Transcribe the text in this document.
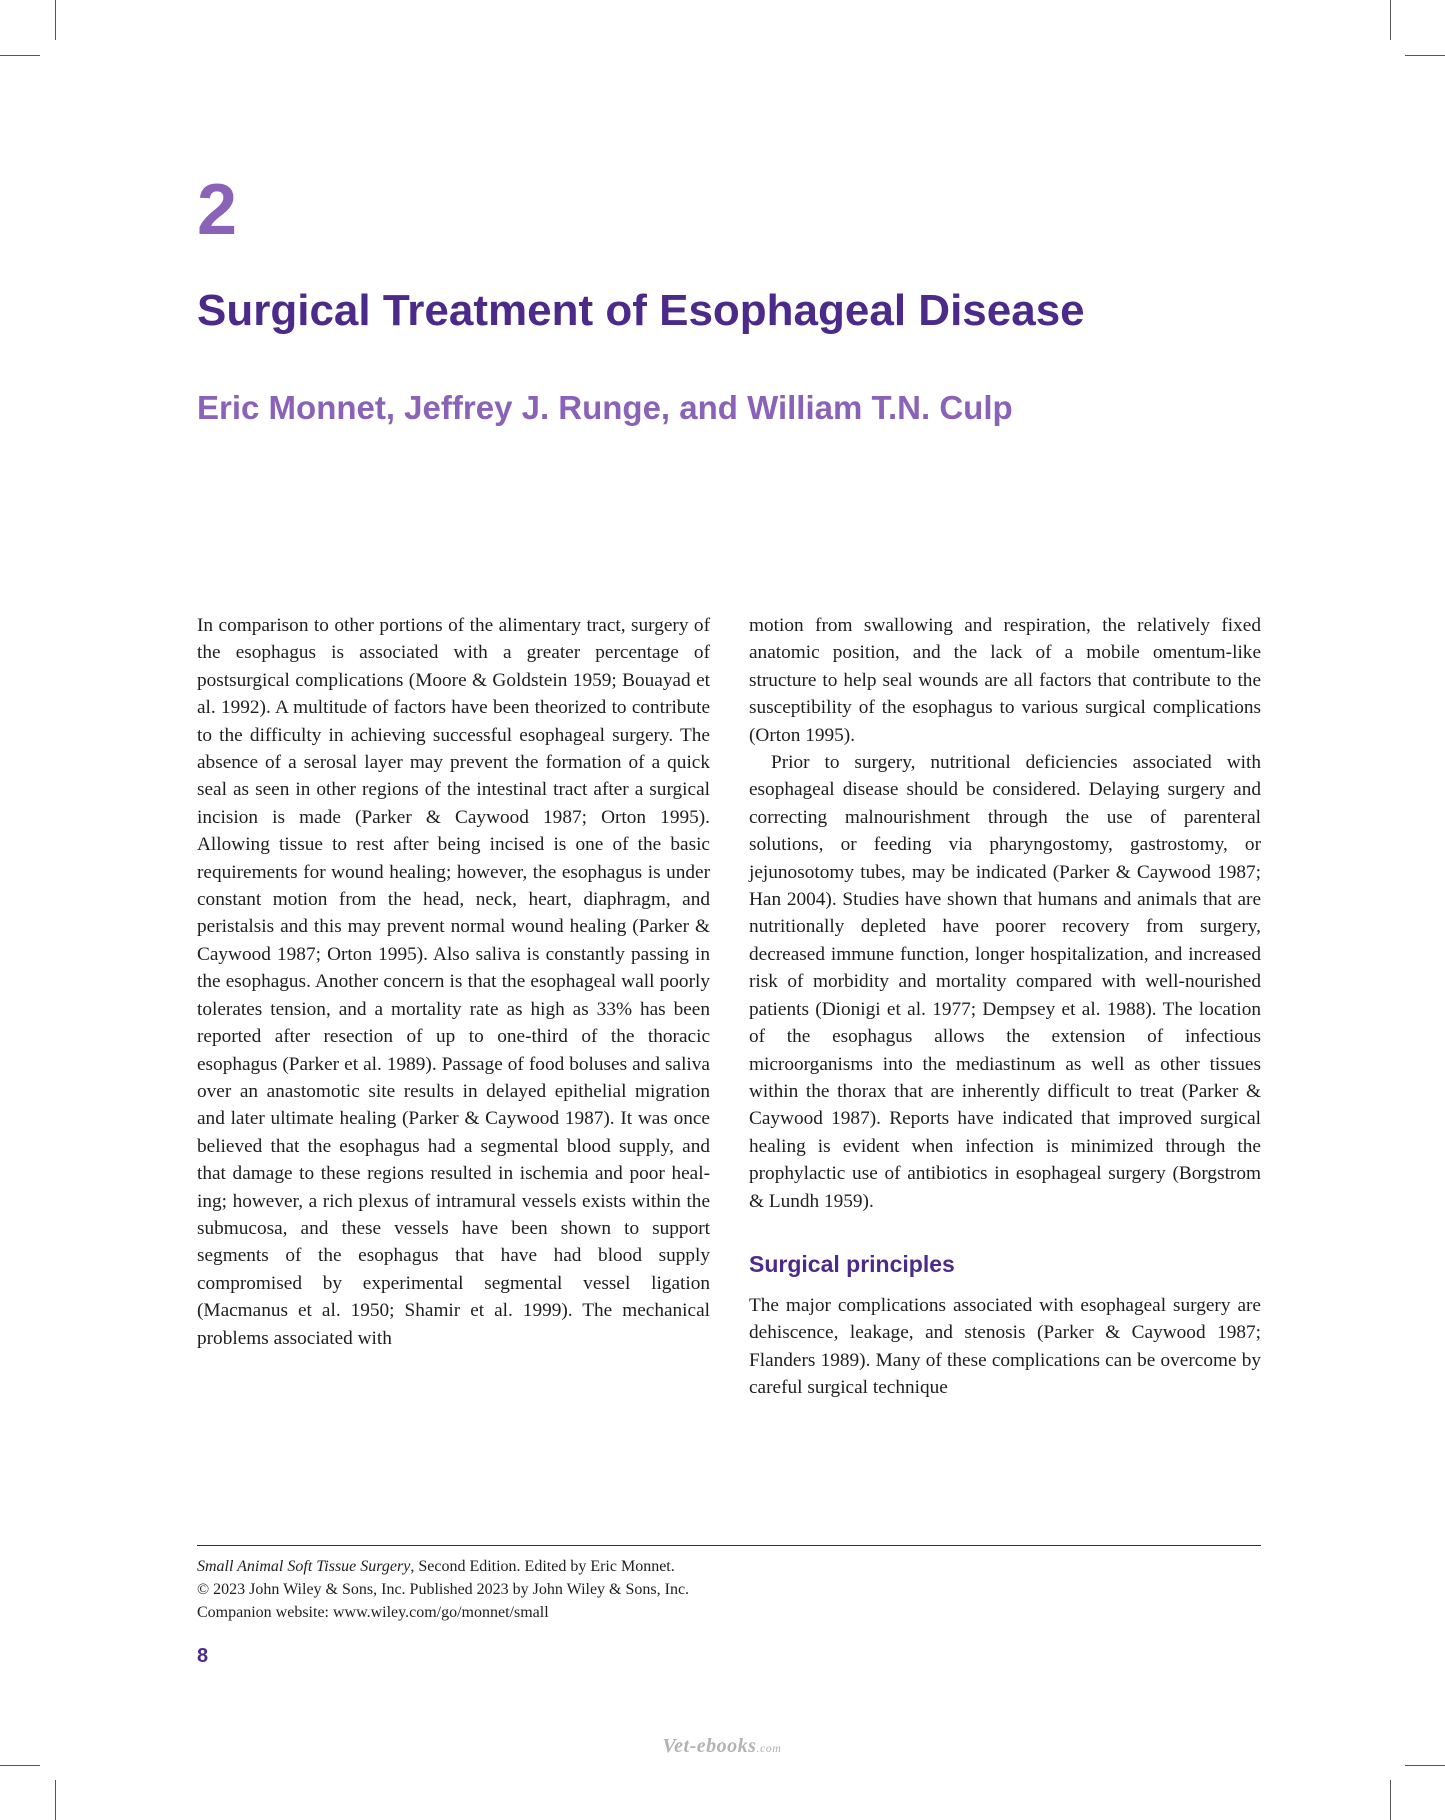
2
Surgical Treatment of Esophageal Disease
Eric Monnet, Jeffrey J. Runge, and William T.N. Culp

In comparison to other portions of the alimentary tract, surgery of the esophagus is associated with a greater percentage of postsurgical complications (Moore & Goldstein 1959; Bouayad et al. 1992). A multitude of factors have been theorized to contribute to the difficulty in achieving successful esophageal surgery. The absence of a serosal layer may prevent the formation of a quick seal as seen in other regions of the intestinal tract after a surgical incision is made (Parker & Caywood 1987; Orton 1995). Allowing tissue to rest after being incised is one of the basic requirements for wound healing; however, the esophagus is under constant motion from the head, neck, heart, diaphragm, and peristalsis and this may prevent normal wound healing (Parker & Caywood 1987; Orton 1995). Also saliva is constantly passing in the esophagus. Another concern is that the esophageal wall poorly tolerates tension, and a mortality rate as high as 33% has been reported after resection of up to one-third of the thoracic esophagus (Parker et al. 1989). Passage of food boluses and saliva over an anastomotic site results in delayed epithelial migration and later ultimate healing (Parker & Caywood 1987). It was once believed that the esophagus had a segmental blood supply, and that damage to these regions resulted in ischemia and poor healing; however, a rich plexus of intramural vessels exists within the submucosa, and these vessels have been shown to support segments of the esophagus that have had blood supply compromised by experimental segmental vessel ligation (Macmanus et al. 1950; Shamir et al. 1999). The mechanical problems associated with

motion from swallowing and respiration, the relatively fixed anatomic position, and the lack of a mobile omentum-like structure to help seal wounds are all factors that contribute to the susceptibility of the esophagus to various surgical complications (Orton 1995).

Prior to surgery, nutritional deficiencies associated with esophageal disease should be considered. Delaying surgery and correcting malnourishment through the use of parenteral solutions, or feeding via pharyngostomy, gastrostomy, or jejunosotomy tubes, may be indicated (Parker & Caywood 1987; Han 2004). Studies have shown that humans and animals that are nutritionally depleted have poorer recovery from surgery, decreased immune function, longer hospitalization, and increased risk of morbidity and mortality compared with well-nourished patients (Dionigi et al. 1977; Dempsey et al. 1988). The location of the esophagus allows the extension of infectious microorganisms into the mediastinum as well as other tissues within the thorax that are inherently difficult to treat (Parker & Caywood 1987). Reports have indicated that improved surgical healing is evident when infection is minimized through the prophylactic use of antibiotics in esophageal surgery (Borgstrom & Lundh 1959).

Surgical principles

The major complications associated with esophageal surgery are dehiscence, leakage, and stenosis (Parker & Caywood 1987; Flanders 1989). Many of these complications can be overcome by careful surgical technique

Small Animal Soft Tissue Surgery, Second Edition. Edited by Eric Monnet.
© 2023 John Wiley & Sons, Inc. Published 2023 by John Wiley & Sons, Inc.
Companion website: www.wiley.com/go/monnet/small
8
Vet-ebooks.com
